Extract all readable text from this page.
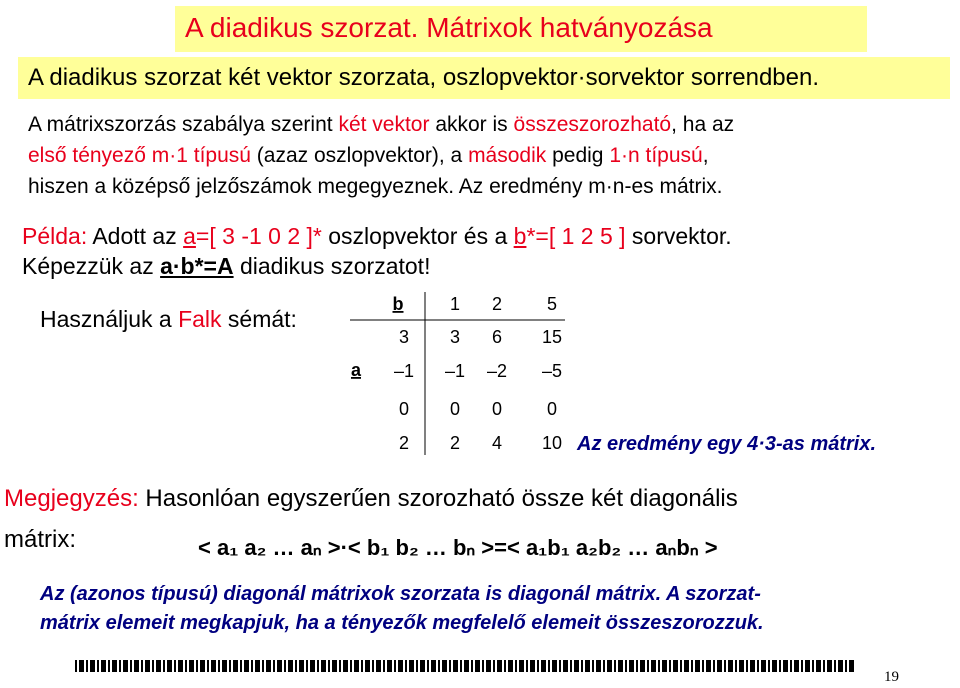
A diadikus szorzat. Mátrixok hatványozása
A diadikus szorzat két vektor szorzata, oszlopvektor·sorvektor sorrendben.
A mátrixszorzás szabálya szerint két vektor akkor is összeszorozható, ha az
első tényező m·1 típusú (azaz oszlopvektor), a második pedig 1·n típusú,
hiszen a középső jelzőszámok megegyeznek. Az eredmény m·n-es mátrix.
Példa: Adott az a=[ 3 -1 0 2 ]* oszlopvektor és a b*=[ 1 2 5 ] sorvektor.
Képezzük az a·b*=A diadikus szorzatot!
Használjuk a Falk sémát:
b
a
1 2 5
3
–1
0
2
3 6 15
–1 –2 –5
0 0 0
2 4 10 Az eredmény egy 4·3-as mátrix.
Megjegyzés: Hasonlóan egyszerűen szorozható össze két diagonális
mátrix:	< a₁ a₂ … aₙ >·< b₁ b₂ … bₙ >=< a₁b₁ a₂b₂ … aₙbₙ >
Az (azonos típusú) diagonál mátrixok szorzata is diagonál mátrix. A szorzat-
mátrix elemeit megkapjuk, ha a tényezők megfelelő elemeit összeszorozzuk.
19
